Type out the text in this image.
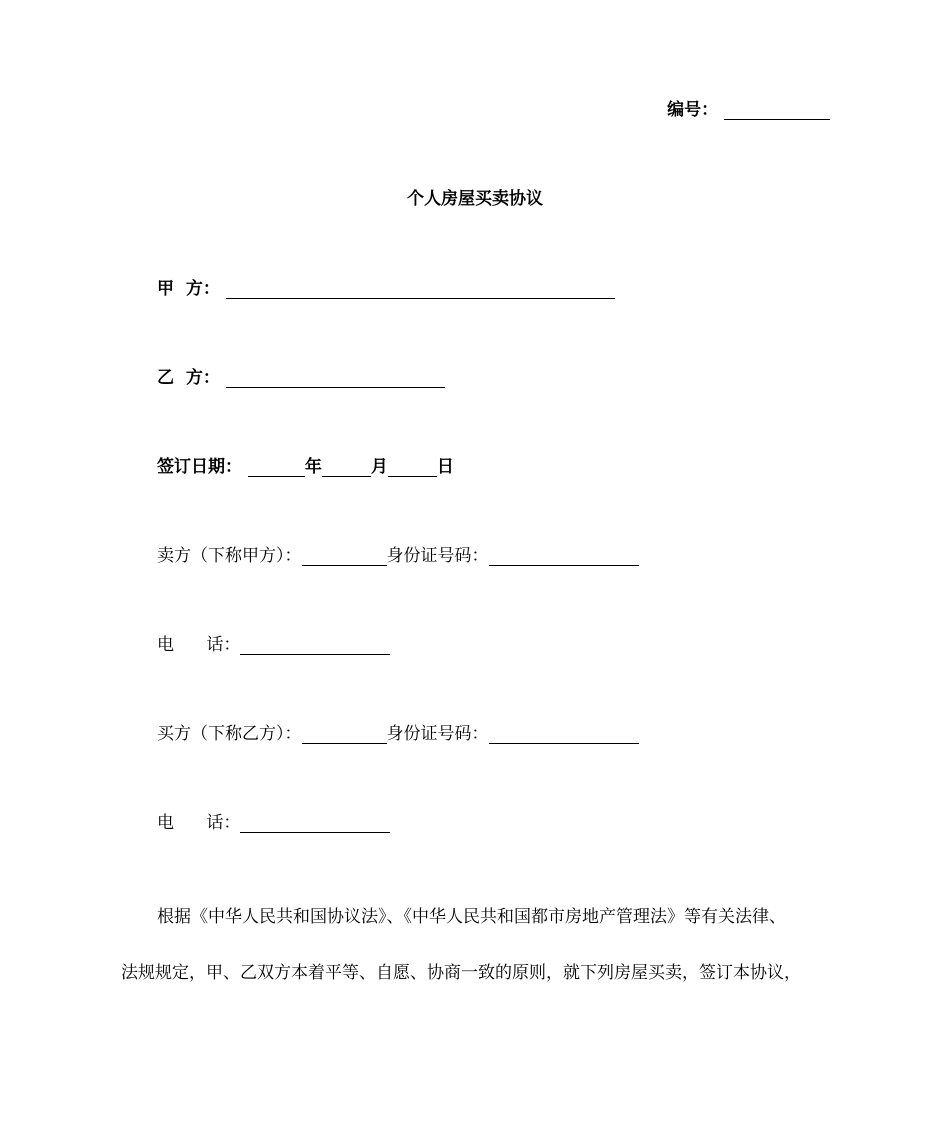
编号：
个人房屋买卖协议
甲  方：
乙  方：
签订日期：	年	月	日
卖方（下称甲方）：	身份证号码：
电      话：
买方（下称乙方）：	身份证号码：
电      话：
根据《中华人民共和国协议法》、《中华人民共和国都市房地产管理法》等有关法律、
法规规定，甲、乙双方本着平等、自愿、协商一致的原则，就下列房屋买卖，签订本协议，
